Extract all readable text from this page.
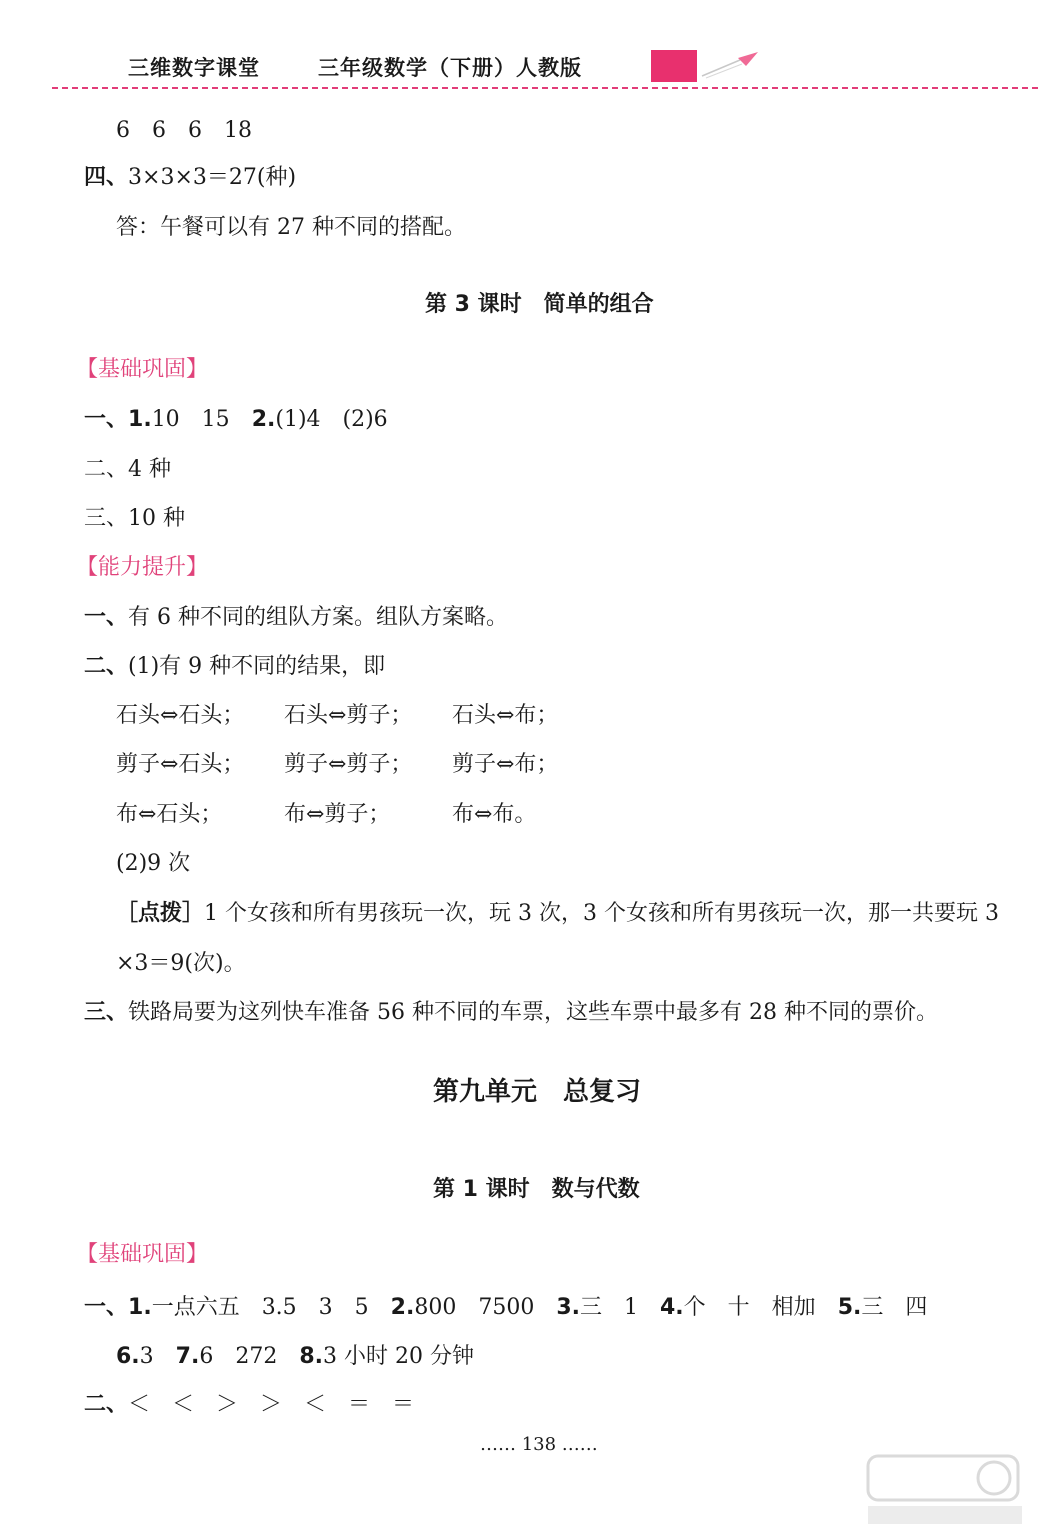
三维数字课堂	三年级数学（下册）人教版
6　6　6　18
四、3×3×3＝27(种)
答：午餐可以有 27 种不同的搭配。
第 3 课时　简单的组合
【基础巩固】
一、1.10　15 2.(1)4　(2)6
二、4 种
三、10 种
【能力提升】
一、有 6 种不同的组队方案。组队方案略。
二、(1)有 9 种不同的结果，即
石头⇔石头； 石头⇔剪子； 石头⇔布；
剪子⇔石头； 剪子⇔剪子； 剪子⇔布；
布⇔石头；	布⇔剪子；	布⇔布。
(2)9 次
［点拨］1 个女孩和所有男孩玩一次，玩 3 次，3 个女孩和所有男孩玩一次，那一共要玩 3
×3＝9(次)。
三、铁路局要为这列快车准备 56 种不同的车票，这些车票中最多有 28 种不同的票价。
第九单元　总复习
第 1 课时　数与代数
【基础巩固】
一、1.一点六五　3.5　3　5 2.800　7500 3.三　1 4.个　十　相加 5.三　四
6.3 7.6　272 8.3 小时 20 分钟
二、＜　＜　＞　＞　＜　＝　＝
…… 138 ……
